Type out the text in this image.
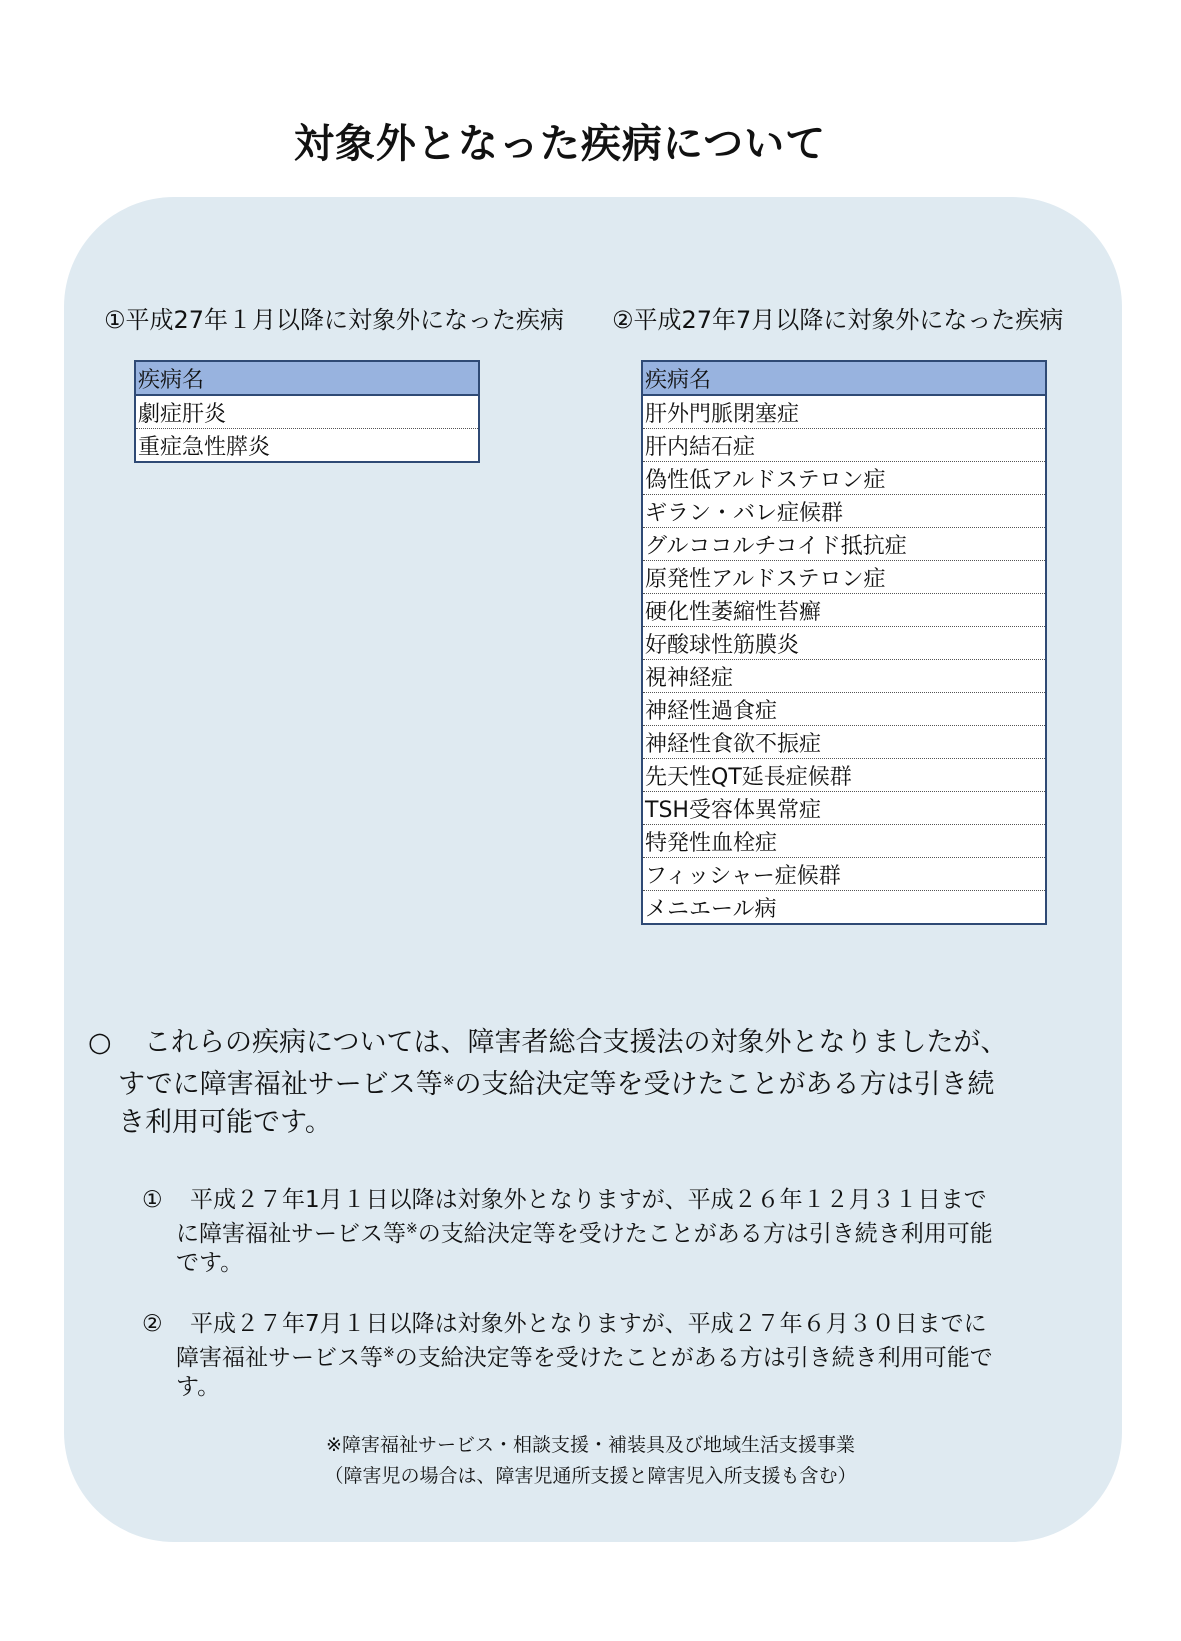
対象外となった疾病について
①平成27年１月以降に対象外になった疾病 ②平成27年7月以降に対象外になった疾病
疾病名
劇症肝炎
重症急性膵炎
疾病名
肝外門脈閉塞症
肝内結石症
偽性低アルドステロン症
ギラン・バレ症候群
グルココルチコイド抵抗症
原発性アルドステロン症
硬化性萎縮性苔癬
好酸球性筋膜炎
視神経症
神経性過食症
神経性食欲不振症
先天性QT延長症候群
TSH受容体異常症
特発性血栓症
フィッシャー症候群
メニエール病
○ これらの疾病については、障害者総合支援法の対象外となりましたが、
すでに障害福祉サービス等※の支給決定等を受けたことがある方は引き続
き利用可能です。
① 平成２７年1月１日以降は対象外となりますが、平成２６年１２月３１日まで
に障害福祉サービス等※の支給決定等を受けたことがある方は引き続き利用可能
です。
② 平成２７年7月１日以降は対象外となりますが、平成２７年６月３０日までに
障害福祉サービス等※の支給決定等を受けたことがある方は引き続き利用可能で
す。
※障害福祉サービス・相談支援・補装具及び地域生活支援事業
（障害児の場合は、障害児通所支援と障害児入所支援も含む）
